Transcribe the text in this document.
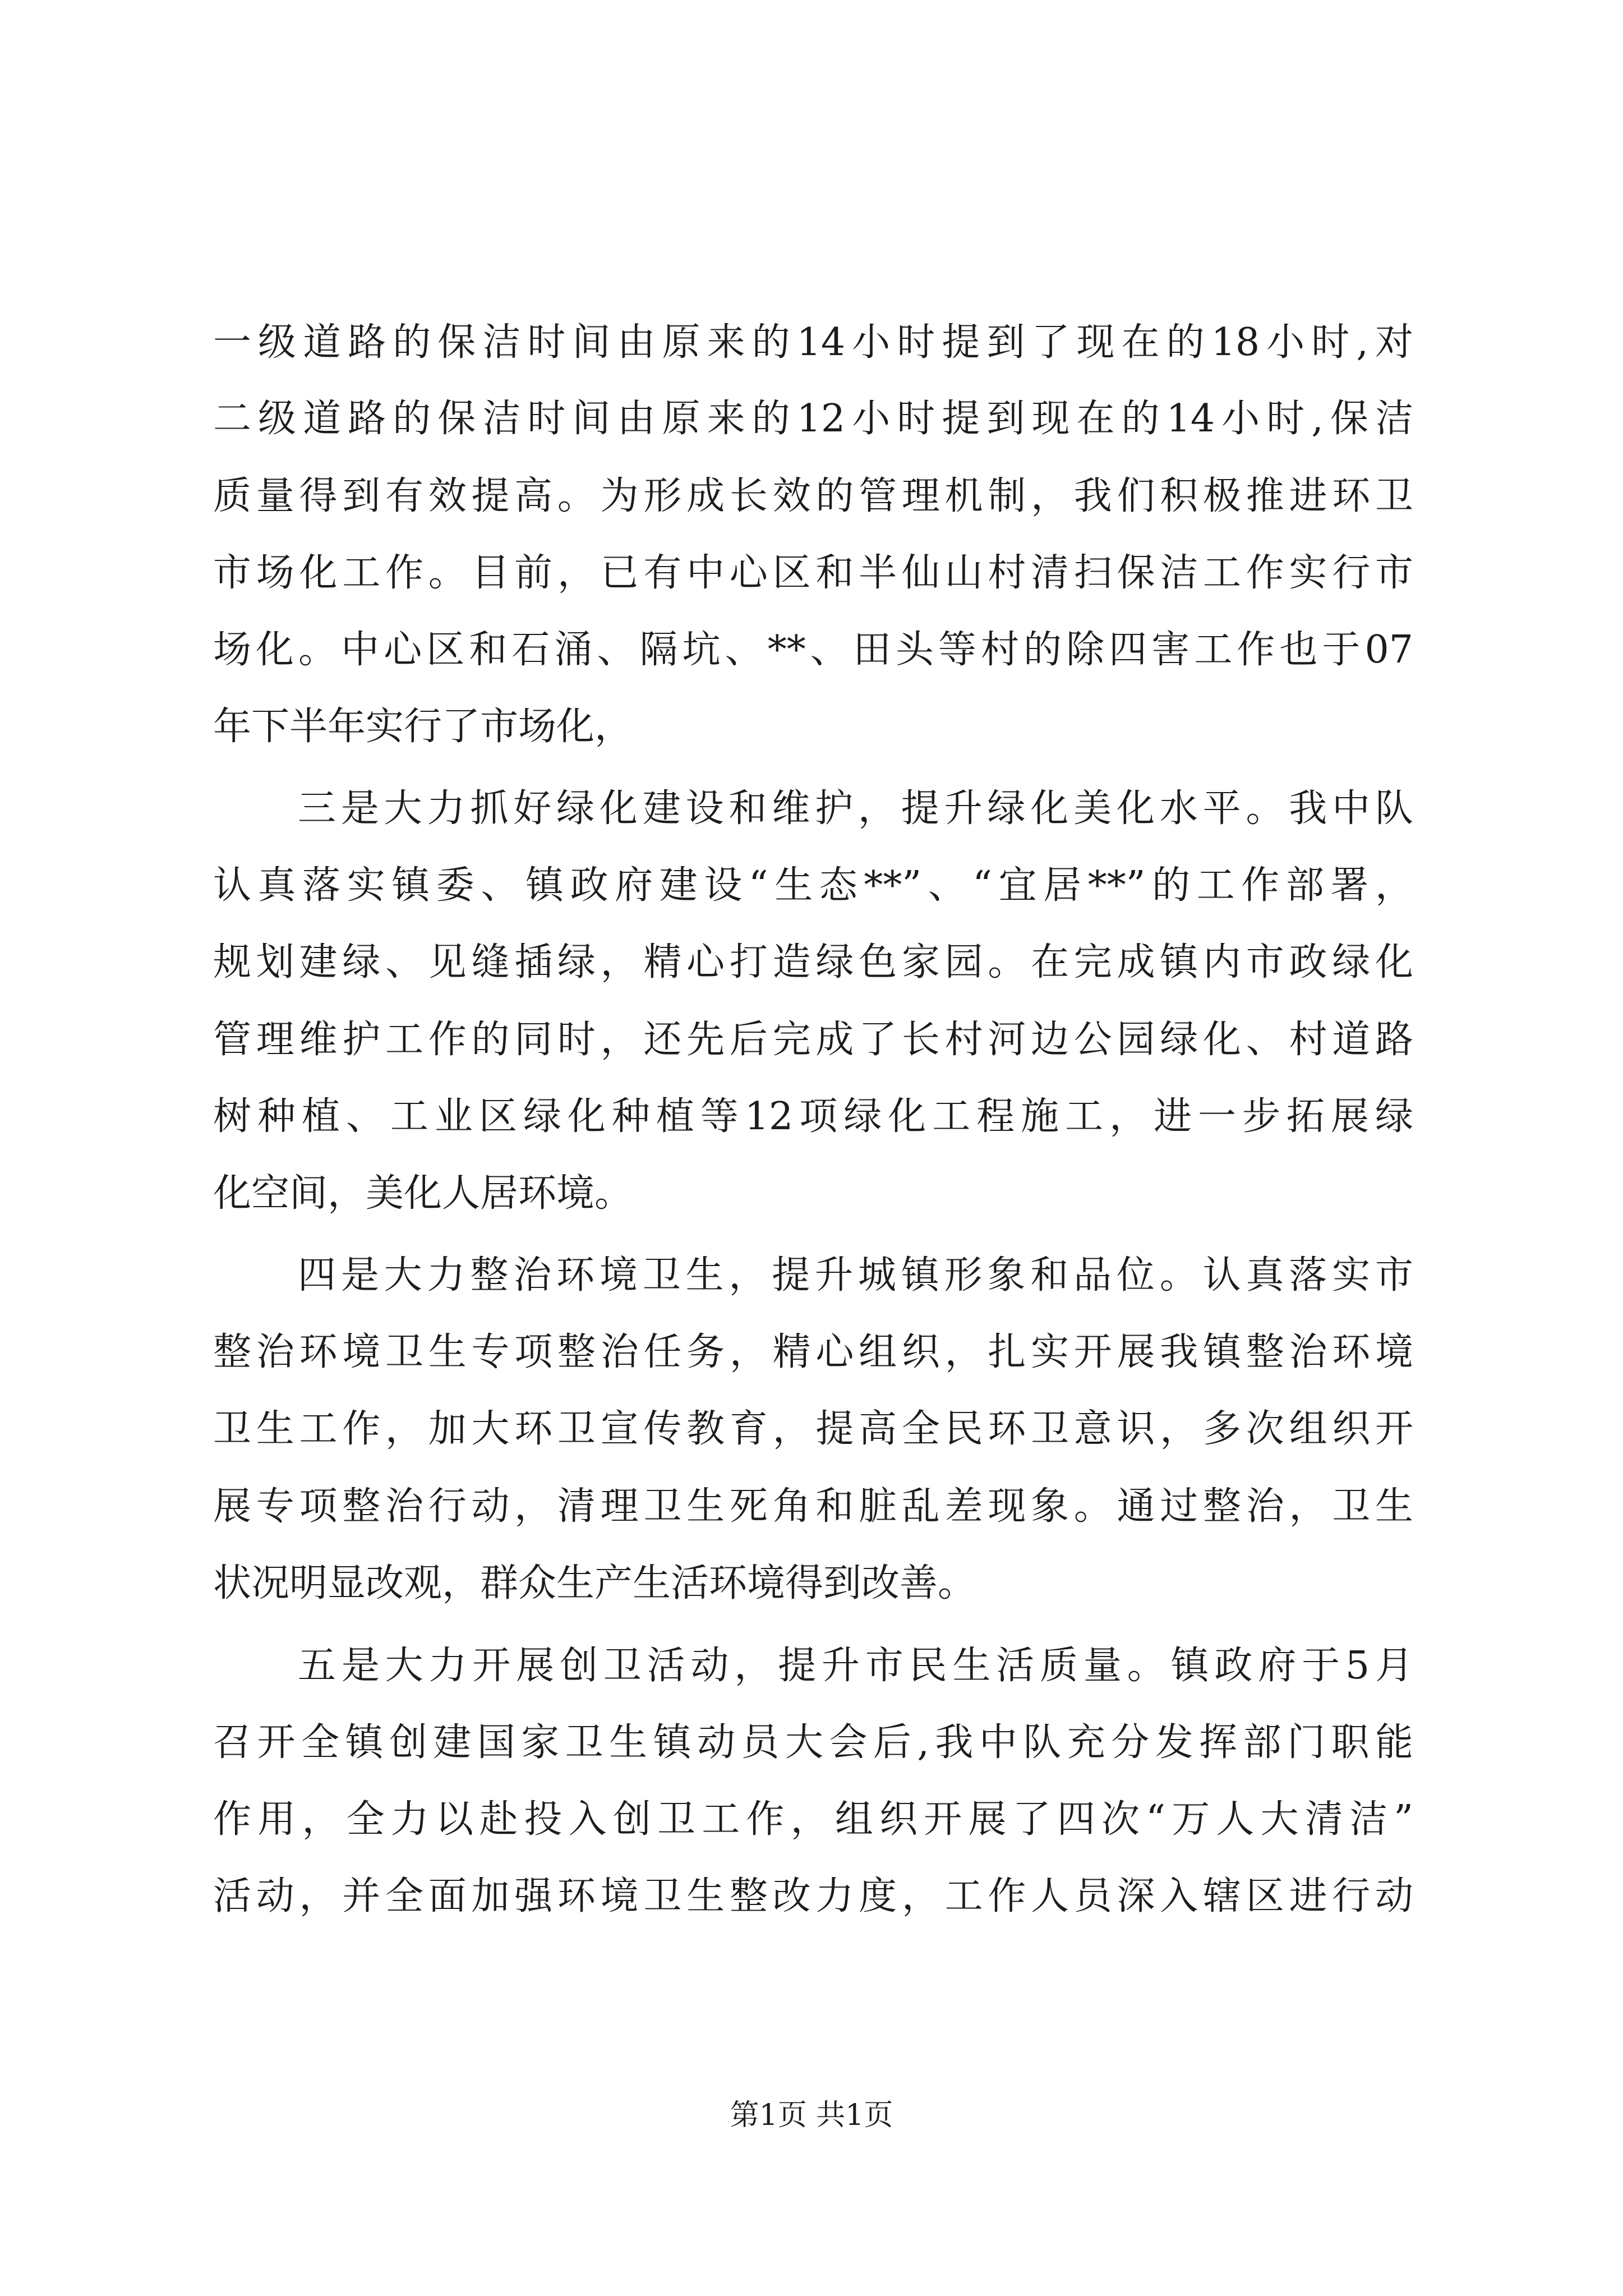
一级道路的保洁时间由原来的14小时提到了现在的18小时,对
二级道路的保洁时间由原来的12小时提到现在的14小时,保洁
质量得到有效提高。为形成长效的管理机制，我们积极推进环卫
市场化工作。目前，已有中心区和半仙山村清扫保洁工作实行市
场化。中心区和石涌、隔坑、**、田头等村的除四害工作也于07
年下半年实行了市场化，
三是大力抓好绿化建设和维护，提升绿化美化水平。我中队
认真落实镇委、镇政府建设“生态**”、“宜居**”的工作部署，
规划建绿、见缝插绿，精心打造绿色家园。在完成镇内市政绿化
管理维护工作的同时，还先后完成了长村河边公园绿化、村道路
树种植、工业区绿化种植等12项绿化工程施工，进一步拓展绿
化空间，美化人居环境。
四是大力整治环境卫生，提升城镇形象和品位。认真落实市
整治环境卫生专项整治任务，精心组织，扎实开展我镇整治环境
卫生工作，加大环卫宣传教育，提高全民环卫意识，多次组织开
展专项整治行动，清理卫生死角和脏乱差现象。通过整治，卫生
状况明显改观，群众生产生活环境得到改善。
五是大力开展创卫活动，提升市民生活质量。镇政府于5月
召开全镇创建国家卫生镇动员大会后,我中队充分发挥部门职能
作用，全力以赴投入创卫工作，组织开展了四次“万人大清洁”
活动，并全面加强环境卫生整改力度，工作人员深入辖区进行动
第1页 共1页
